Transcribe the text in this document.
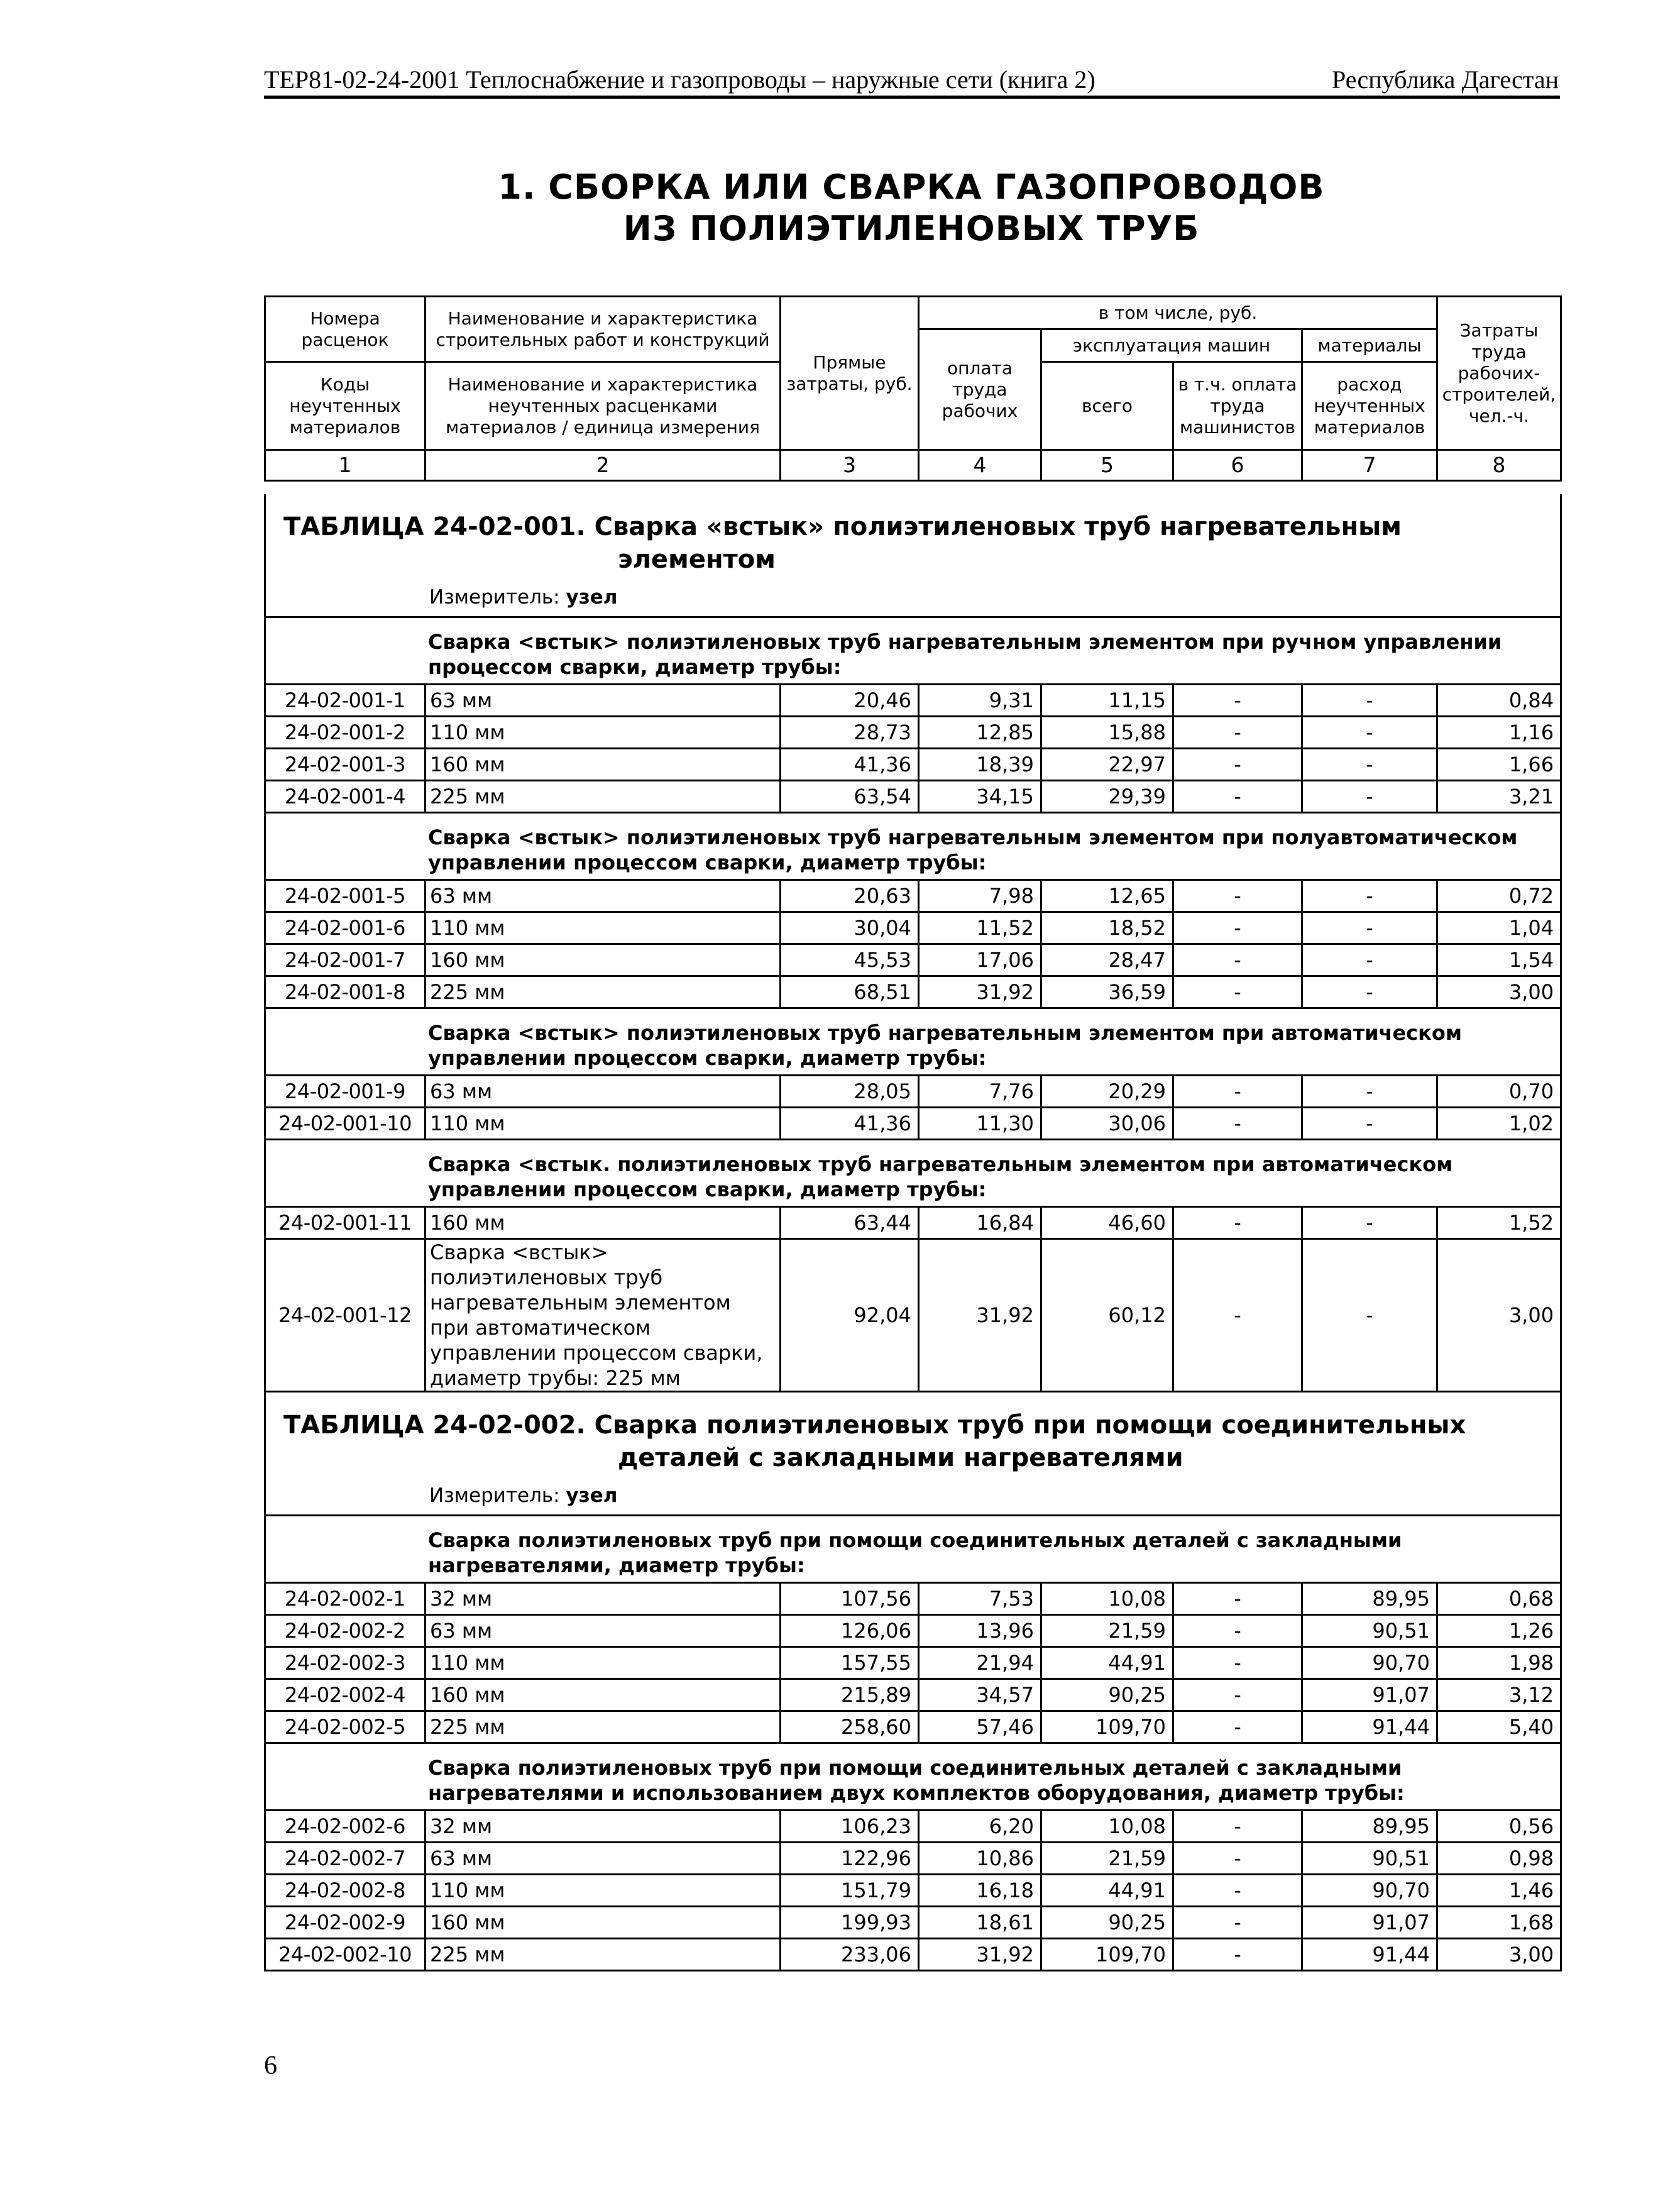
ТЕР81-02-24-2001 Теплоснабжение и газопроводы – наружные сети (книга 2)	Республика Дагестан
1. СБОРКА ИЛИ СВАРКА ГАЗОПРОВОДОВ
ИЗ ПОЛИЭТИЛЕНОВЫХ ТРУБ
Номера расценок	Наименование и характеристика строительных работ и конструкций	Прямые затраты, руб.	в том числе, руб.				Затраты труда рабочих-строителей, чел.-ч.
			оплата труда рабочих	эксплуатация машин		материалы	
Коды неучтенных материалов	Наименование и характеристика неучтенных расценками материалов / единица измерения			всего	в т.ч. оплата труда машинистов	расход неучтенных материалов	

1	2	3	4	5	6	7	8
ТАБЛИЦА 24-02-001. Сварка «встык» полиэтиленовых труб нагревательным
элементом
Измеритель: узел							

Сварка <встык> полиэтиленовых труб нагревательным элементом при ручном управлении процессом сварки, диаметр трубы:							
24-02-001-1	63 мм	20,46	9,31	11,15	-	-	0,84
24-02-001-2	110 мм	28,73	12,85	15,88	-	-	1,16
24-02-001-3	160 мм	41,36	18,39	22,97	-	-	1,66
24-02-001-4	225 мм	63,54	34,15	29,39	-	-	3,21
Сварка <встык> полиэтиленовых труб нагревательным элементом при полуавтоматическом управлении процессом сварки, диаметр трубы:							
24-02-001-5	63 мм	20,63	7,98	12,65	-	-	0,72
24-02-001-6	110 мм	30,04	11,52	18,52	-	-	1,04
24-02-001-7	160 мм	45,53	17,06	28,47	-	-	1,54
24-02-001-8	225 мм	68,51	31,92	36,59	-	-	3,00
Сварка <встык> полиэтиленовых труб нагревательным элементом при автоматическом управлении процессом сварки, диаметр трубы:							
24-02-001-9	63 мм	28,05	7,76	20,29	-	-	0,70
24-02-001-10	110 мм	41,36	11,30	30,06	-	-	1,02
Сварка <встык. полиэтиленовых труб нагревательным элементом при автоматическом управлении процессом сварки, диаметр трубы:							
24-02-001-11	160 мм	63,44	16,84	46,60	-	-	1,52
24-02-001-12	Сварка <встык> полиэтиленовых труб нагревательным элементом при автоматическом управлении процессом сварки, диаметр трубы: 225 мм	92,04	31,92	60,12	-	-	3,00

ТАБЛИЦА 24-02-002. Сварка полиэтиленовых труб при помощи соединительных
деталей с закладными нагревателями
Измеритель: узел							

Сварка полиэтиленовых труб при помощи соединительных деталей с закладными нагревателями, диаметр трубы:							
24-02-002-1	32 мм	107,56	7,53	10,08	-	89,95	0,68
24-02-002-2	63 мм	126,06	13,96	21,59	-	90,51	1,26
24-02-002-3	110 мм	157,55	21,94	44,91	-	90,70	1,98
24-02-002-4	160 мм	215,89	34,57	90,25	-	91,07	3,12
24-02-002-5	225 мм	258,60	57,46	109,70	-	91,44	5,40
Сварка полиэтиленовых труб при помощи соединительных деталей с закладными нагревателями и использованием двух комплектов оборудования, диаметр трубы:							
24-02-002-6	32 мм	106,23	6,20	10,08	-	89,95	0,56
24-02-002-7	63 мм	122,96	10,86	21,59	-	90,51	0,98
24-02-002-8	110 мм	151,79	16,18	44,91	-	90,70	1,46
24-02-002-9	160 мм	199,93	18,61	90,25	-	91,07	1,68
24-02-002-10	225 мм	233,06	31,92	109,70	-	91,44	3,00
6
